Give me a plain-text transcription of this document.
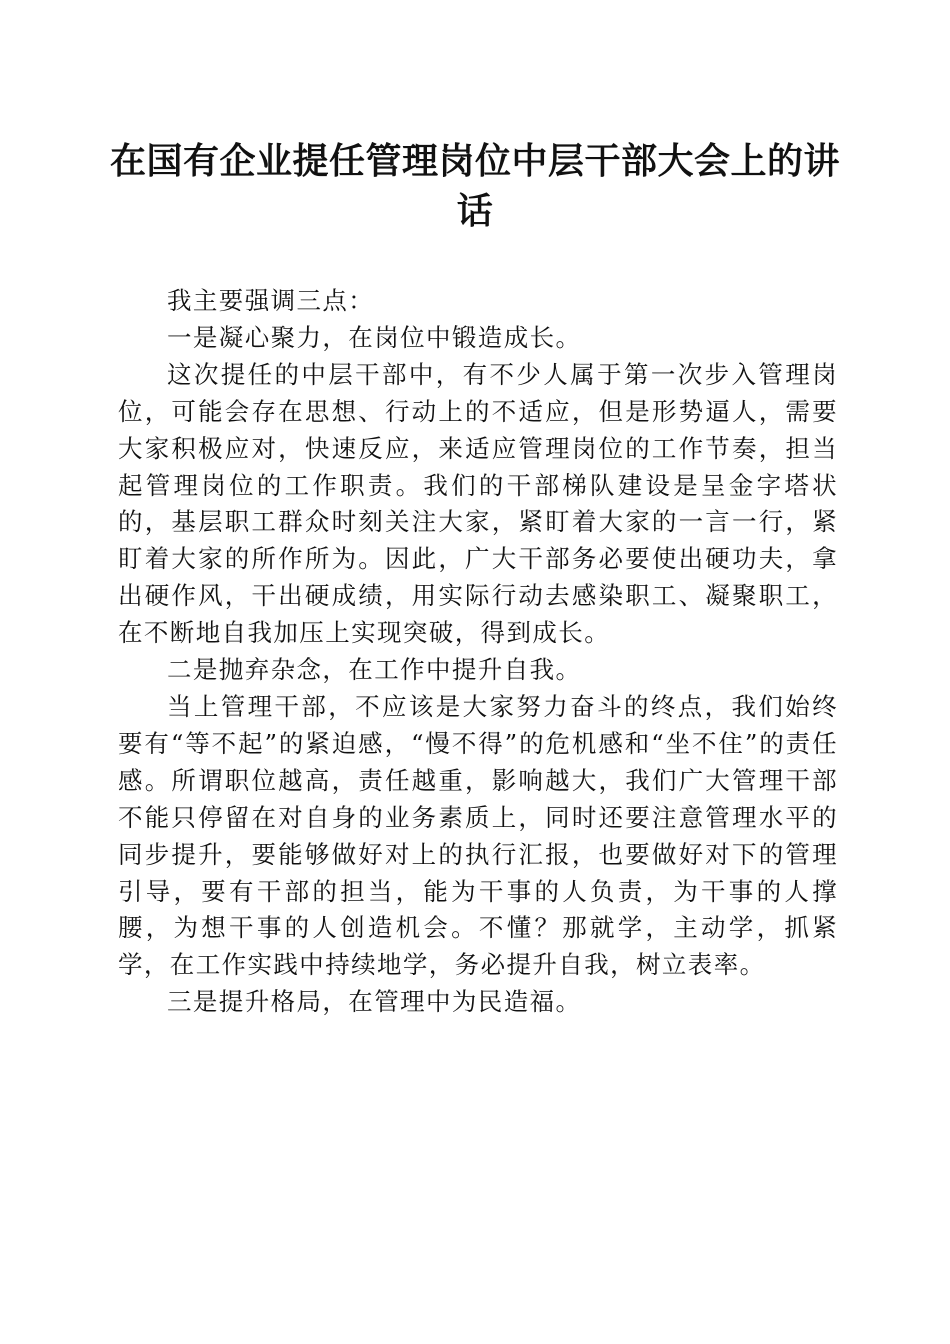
在国有企业提任管理岗位中层干部大会上的讲话

我主要强调三点：

一是凝心聚力，在岗位中锻造成长。

这次提任的中层干部中，有不少人属于第一次步入管理岗位，可能会存在思想、行动上的不适应，但是形势逼人，需要大家积极应对，快速反应，来适应管理岗位的工作节奏，担当起管理岗位的工作职责。我们的干部梯队建设是呈金字塔状的，基层职工群众时刻关注大家，紧盯着大家的一言一行，紧盯着大家的所作所为。因此，广大干部务必要使出硬功夫，拿出硬作风，干出硬成绩，用实际行动去感染职工、凝聚职工，在不断地自我加压上实现突破，得到成长。

二是抛弃杂念，在工作中提升自我。

当上管理干部，不应该是大家努力奋斗的终点，我们始终要有“等不起”的紧迫感，“慢不得”的危机感和“坐不住”的责任感。所谓职位越高，责任越重，影响越大，我们广大管理干部不能只停留在对自身的业务素质上，同时还要注意管理水平的同步提升，要能够做好对上的执行汇报，也要做好对下的管理引导，要有干部的担当，能为干事的人负责，为干事的人撑腰，为想干事的人创造机会。不懂？那就学，主动学，抓紧学，在工作实践中持续地学，务必提升自我，树立表率。

三是提升格局，在管理中为民造福。
